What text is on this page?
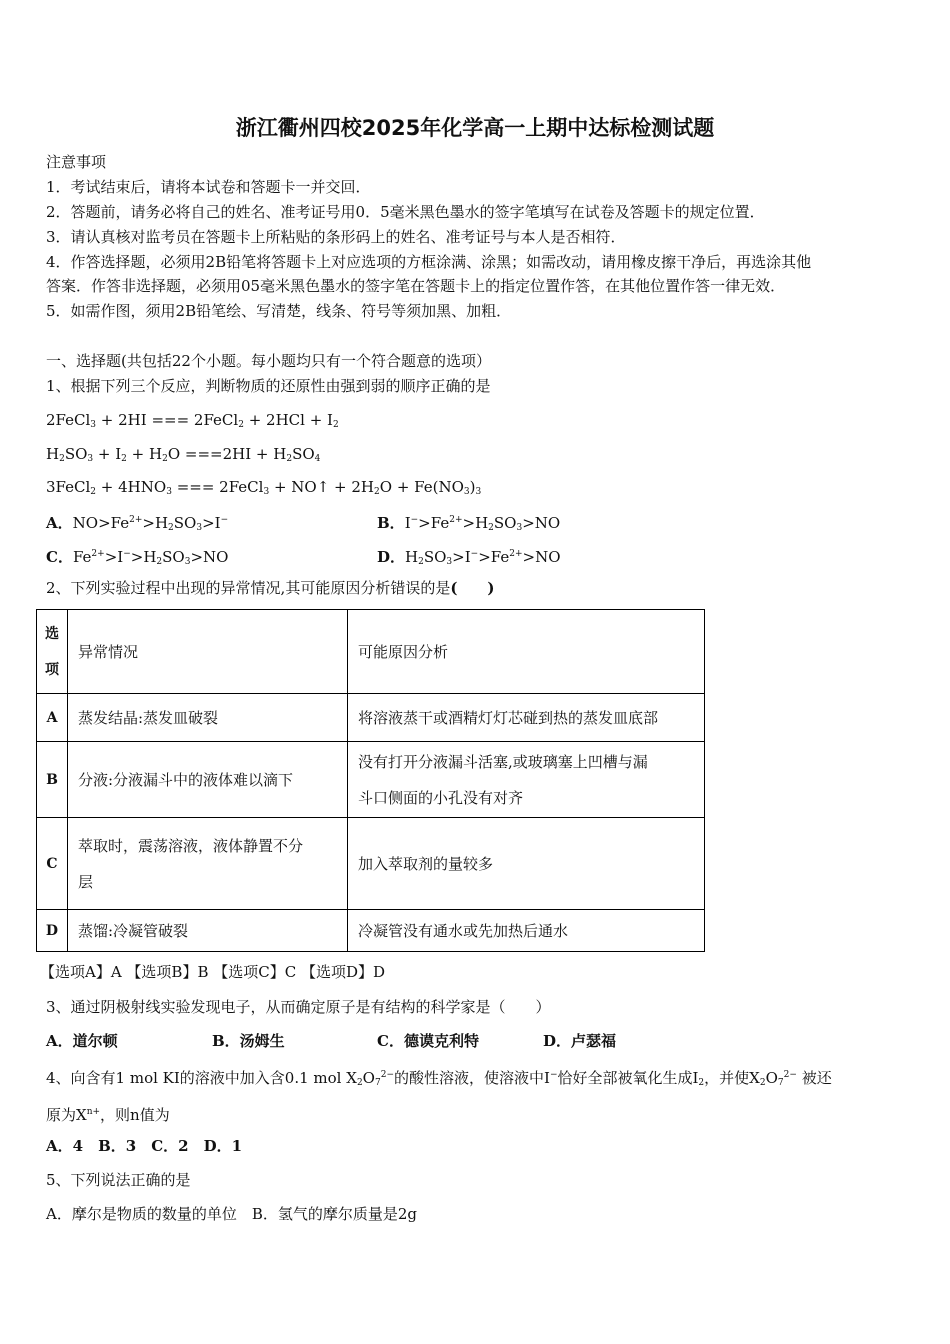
浙江衢州四校2025年化学高一上期中达标检测试题
注意事项
1．考试结束后，请将本试卷和答题卡一并交回．
2．答题前，请务必将自己的姓名、准考证号用0．5毫米黑色墨水的签字笔填写在试卷及答题卡的规定位置．
3．请认真核对监考员在答题卡上所粘贴的条形码上的姓名、准考证号与本人是否相符．
4．作答选择题，必须用2B铅笔将答题卡上对应选项的方框涂满、涂黑；如需改动，请用橡皮擦干净后，再选涂其他
答案．作答非选择题，必须用05毫米黑色墨水的签字笔在答题卡上的指定位置作答，在其他位置作答一律无效．
5．如需作图，须用2B铅笔绘、写清楚，线条、符号等须加黑、加粗．
一、选择题(共包括22个小题。每小题均只有一个符合题意的选项）
1、根据下列三个反应，判断物质的还原性由强到弱的顺序正确的是
2FeCl$_3$ + 2HI === 2FeCl$_2$ + $2HCl + I_2$
$H_2SO_3 + I_2 + H_2O ===2HI + H_2SO_4$
3FeCl$_2$ + $4HNO_3$ === 2FeCl$_3$ + NO↑ + $2H_2O + Fe(NO_3)_3$
A．$NO>Fe^{2+}>H_2SO_3>I^-$	B．$I^->Fe^{2+}>H_2SO_3>NO$
C．$Fe^{2+}>I^->H_2SO_3>NO$	D．$H_2SO_3>I^->Fe^{2+}>NO$
2、下列实验过程中出现的异常情况,其可能原因分析错误的是(　　)
选
项	异常情况	可能原因分析
A	蒸发结晶:蒸发皿破裂	将溶液蒸干或酒精灯灯芯碰到热的蒸发皿底部
B	分液:分液漏斗中的液体难以滴下	没有打开分液漏斗活塞,或玻璃塞上凹槽与漏
斗口侧面的小孔没有对齐

C	萃取时，震荡溶液，液体静置不分
层	加入萃取剂的量较多
D	蒸馏:冷凝管破裂	冷凝管没有通水或先加热后通水
【选项A】A 【选项B】B 【选项C】C 【选项D】D
3、通过阴极射线实验发现电子，从而确定原子是有结构的科学家是（　　）
A．道尔顿	B．汤姆生	C．德谟克利特	D．卢瑟福
4、向含有1 mol KI的溶液中加入含0.1 mol $X_2O_7^{2-}$的酸性溶液，使溶液中I−恰好全部被氧化生成$I_2$，并使$X_2O_7^{2-}$ 被还
原为$X^{n+}$，则n值为
A．4　B．3　C．2　D．1
5、下列说法正确的是
A．摩尔是物质的数量的单位　B．氢气的摩尔质量是2g
